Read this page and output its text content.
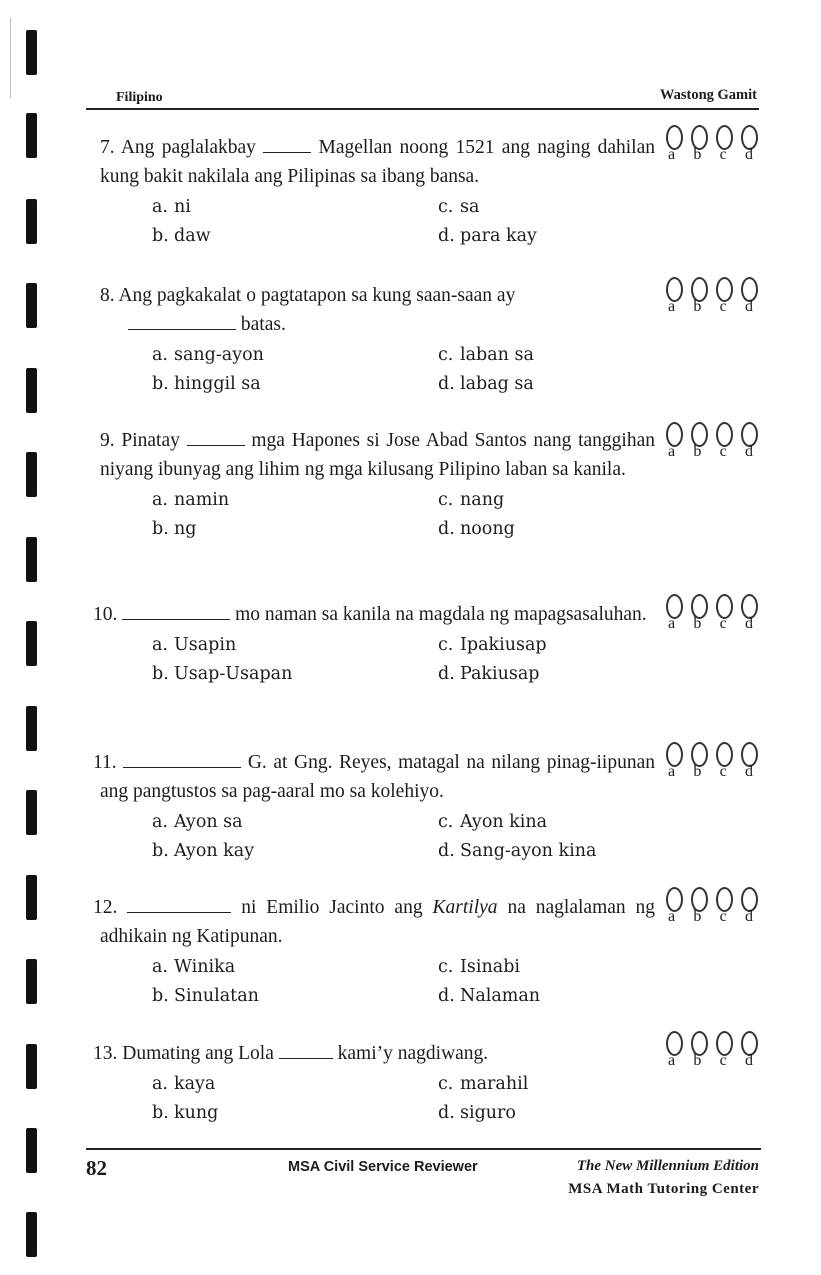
Filipino	Wastong Gamit
7. Ang paglalakbay	Magellan noong 1521 ang naging dahilan kung bakit nakilala ang Pilipinas sa ibang bansa.
a. ni
b. daw
c. sa
d. para kay
a b c d
8. Ang pagkakalat o pagtatapon sa kung saan-saan ay
batas.
a. sang-ayon
b. hinggil sa
c. laban sa
d. labag sa
a b c d
9. Pinatay	mga Hapones si Jose Abad Santos nang tanggihan niyang ibunyag ang lihim ng mga kilusang Pilipino laban sa kanila.
a. namin
b. ng
c. nang
d. noong
a b c d
10.	mo naman sa kanila na magdala ng mapagsasaluhan.
a. Usapin
b. Usap-Usapan
c. Ipakiusap
d. Pakiusap
a b c d
11.	G. at Gng. Reyes, matagal na nilang pinag-iipunan ang pangtustos sa pag-aaral mo sa kolehiyo.
a. Ayon sa
b. Ayon kay
c. Ayon kina
d. Sang-ayon kina
a b c d
12.	ni Emilio Jacinto ang Kartilya na naglalaman ng adhikain ng Katipunan.
a. Winika
b. Sinulatan
c. Isinabi
d. Nalaman
a b c d
13. Dumating ang Lola	kami’y nagdiwang.
a. kaya
b. kung
c. marahil
d. siguro
a b c d
82	MSA Civil Service Reviewer	The New Millennium Edition
MSA Math Tutoring Center
